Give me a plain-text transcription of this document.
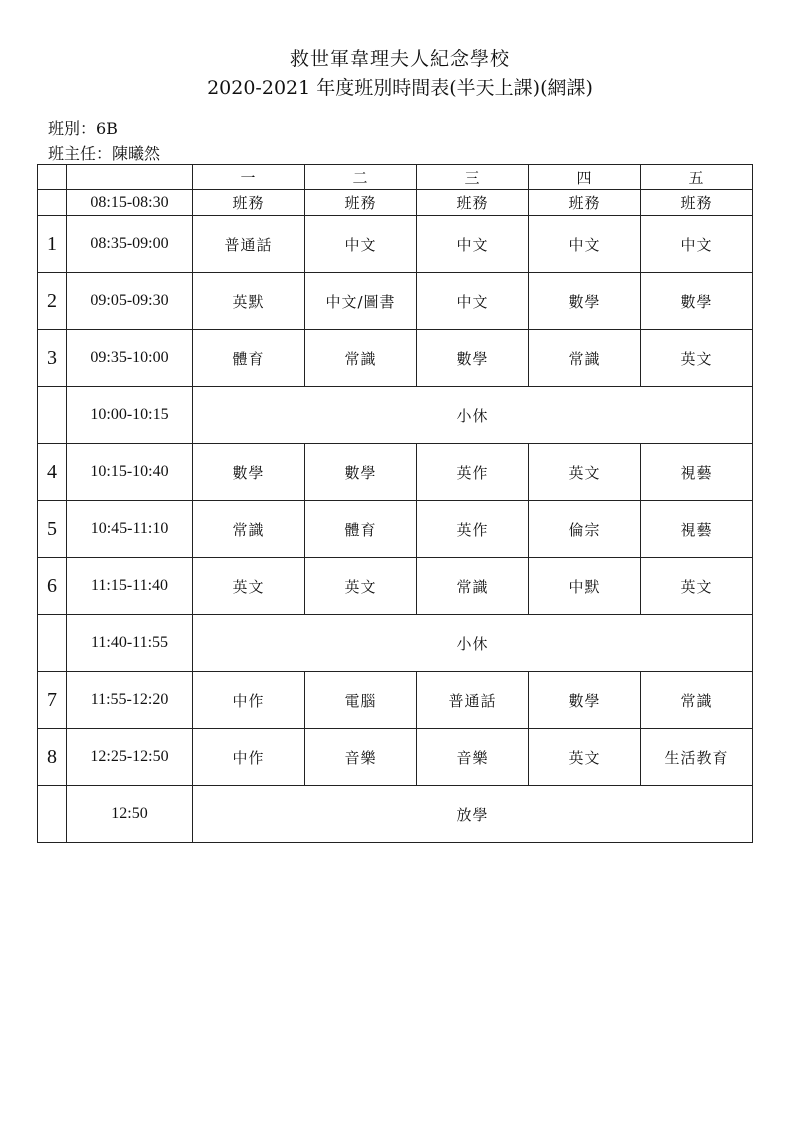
救世軍韋理夫人紀念學校
2020-2021 年度班別時間表(半天上課)(網課)
班別：6B
班主任：陳曦然
		一	二	三	四	五
	08:15-08:30	班務	班務	班務	班務	班務
1	08:35-09:00	普通話	中文	中文	中文	中文
2	09:05-09:30	英默	中文/圖書	中文	數學	數學
3	09:35-10:00	體育	常識	數學	常識	英文
	10:00-10:15	小休				
4	10:15-10:40	數學	數學	英作	英文	視藝
5	10:45-11:10	常識	體育	英作	倫宗	視藝
6	11:15-11:40	英文	英文	常識	中默	英文
	11:40-11:55	小休				
7	11:55-12:20	中作	電腦	普通話	數學	常識
8	12:25-12:50	中作	音樂	音樂	英文	生活教育
	12:50	放學				
